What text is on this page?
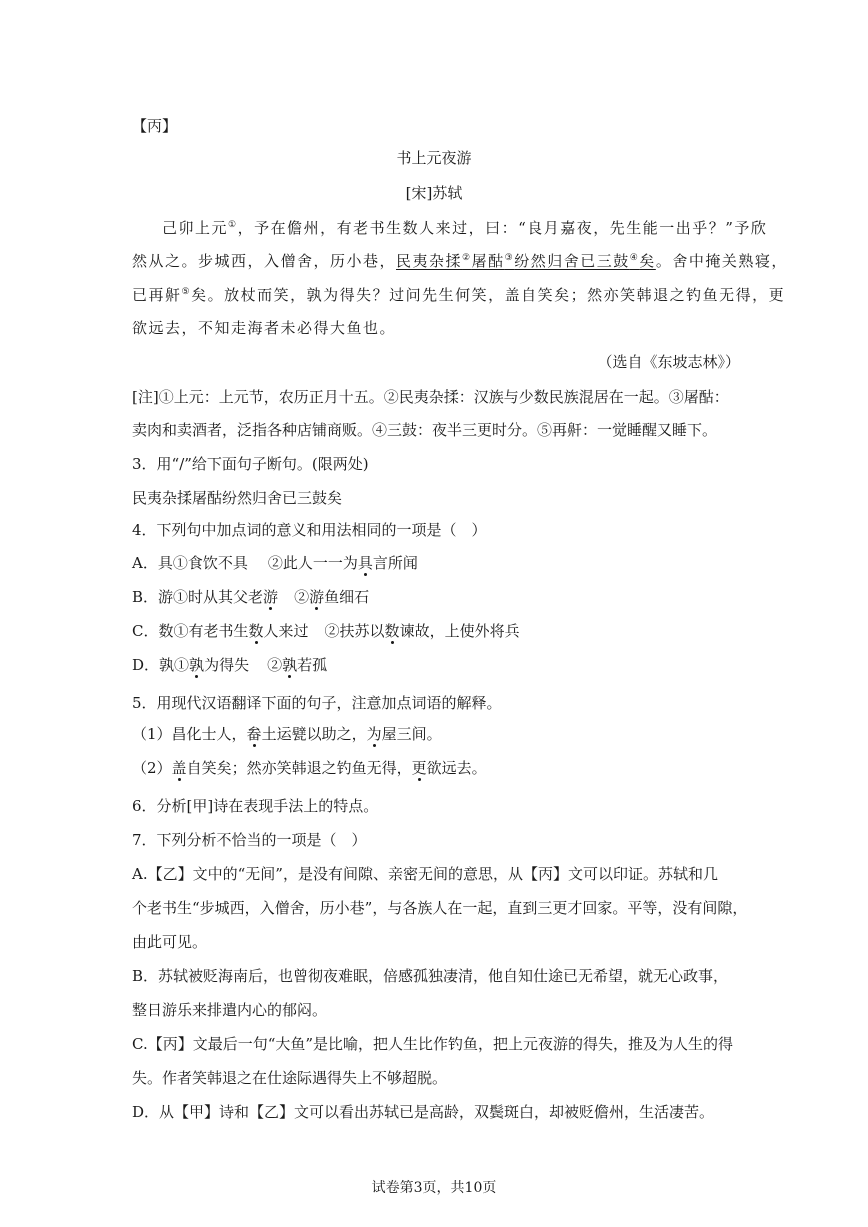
【丙】
书上元夜游
[宋]苏轼
己卯上元①，予在儋州，有老书生数人来过，曰：“良月嘉夜，先生能一出乎？”予欣
然从之。步城西，入僧舍，历小巷，民夷杂揉②屠酤③纷然归舍已三鼓④矣。舍中掩关熟寝，
已再鼾⑤矣。放杖而笑，孰为得失？过问先生何笑，盖自笑矣；然亦笑韩退之钓鱼无得，更
欲远去，不知走海者未必得大鱼也。
（选自《东坡志林》）
[注]①上元：上元节，农历正月十五。②民夷杂揉：汉族与少数民族混居在一起。③屠酤：
卖肉和卖酒者，泛指各种店铺商贩。④三鼓：夜半三更时分。⑤再鼾：一觉睡醒又睡下。
3．用“/”给下面句子断句。(限两处)
民夷杂揉屠酤纷然归舍已三鼓矣
4．下列句中加点词的意义和用法相同的一项是（　）
A．具①食饮不具 ②此人一一为具言所闻
B．游①时从其父老游 ②游鱼细石
C．数①有老书生数人来过 ②扶苏以数谏故，上使外将兵
D．孰①孰为得失 ②孰若孤
5．用现代汉语翻译下面的句子，注意加点词语的解释。
（1）昌化士人，畚土运甓以助之，为屋三间。
（2）盖自笑矣；然亦笑韩退之钓鱼无得，更欲远去。
6．分析[甲]诗在表现手法上的特点。
7．下列分析不恰当的一项是（　）
A.【乙】文中的“无间”，是没有间隙、亲密无间的意思，从【丙】文可以印证。苏轼和几
个老书生“步城西，入僧舍，历小巷”，与各族人在一起，直到三更才回家。平等，没有间隙，
由此可见。
B．苏轼被贬海南后，也曾彻夜难眠，倍感孤独凄清，他自知仕途已无希望，就无心政事，
整日游乐来排遣内心的郁闷。
C.【丙】文最后一句“大鱼”是比喻，把人生比作钓鱼，把上元夜游的得失，推及为人生的得
失。作者笑韩退之在仕途际遇得失上不够超脱。
D．从【甲】诗和【乙】文可以看出苏轼已是高龄，双鬓斑白，却被贬儋州，生活凄苦。
试卷第3页，共10页
